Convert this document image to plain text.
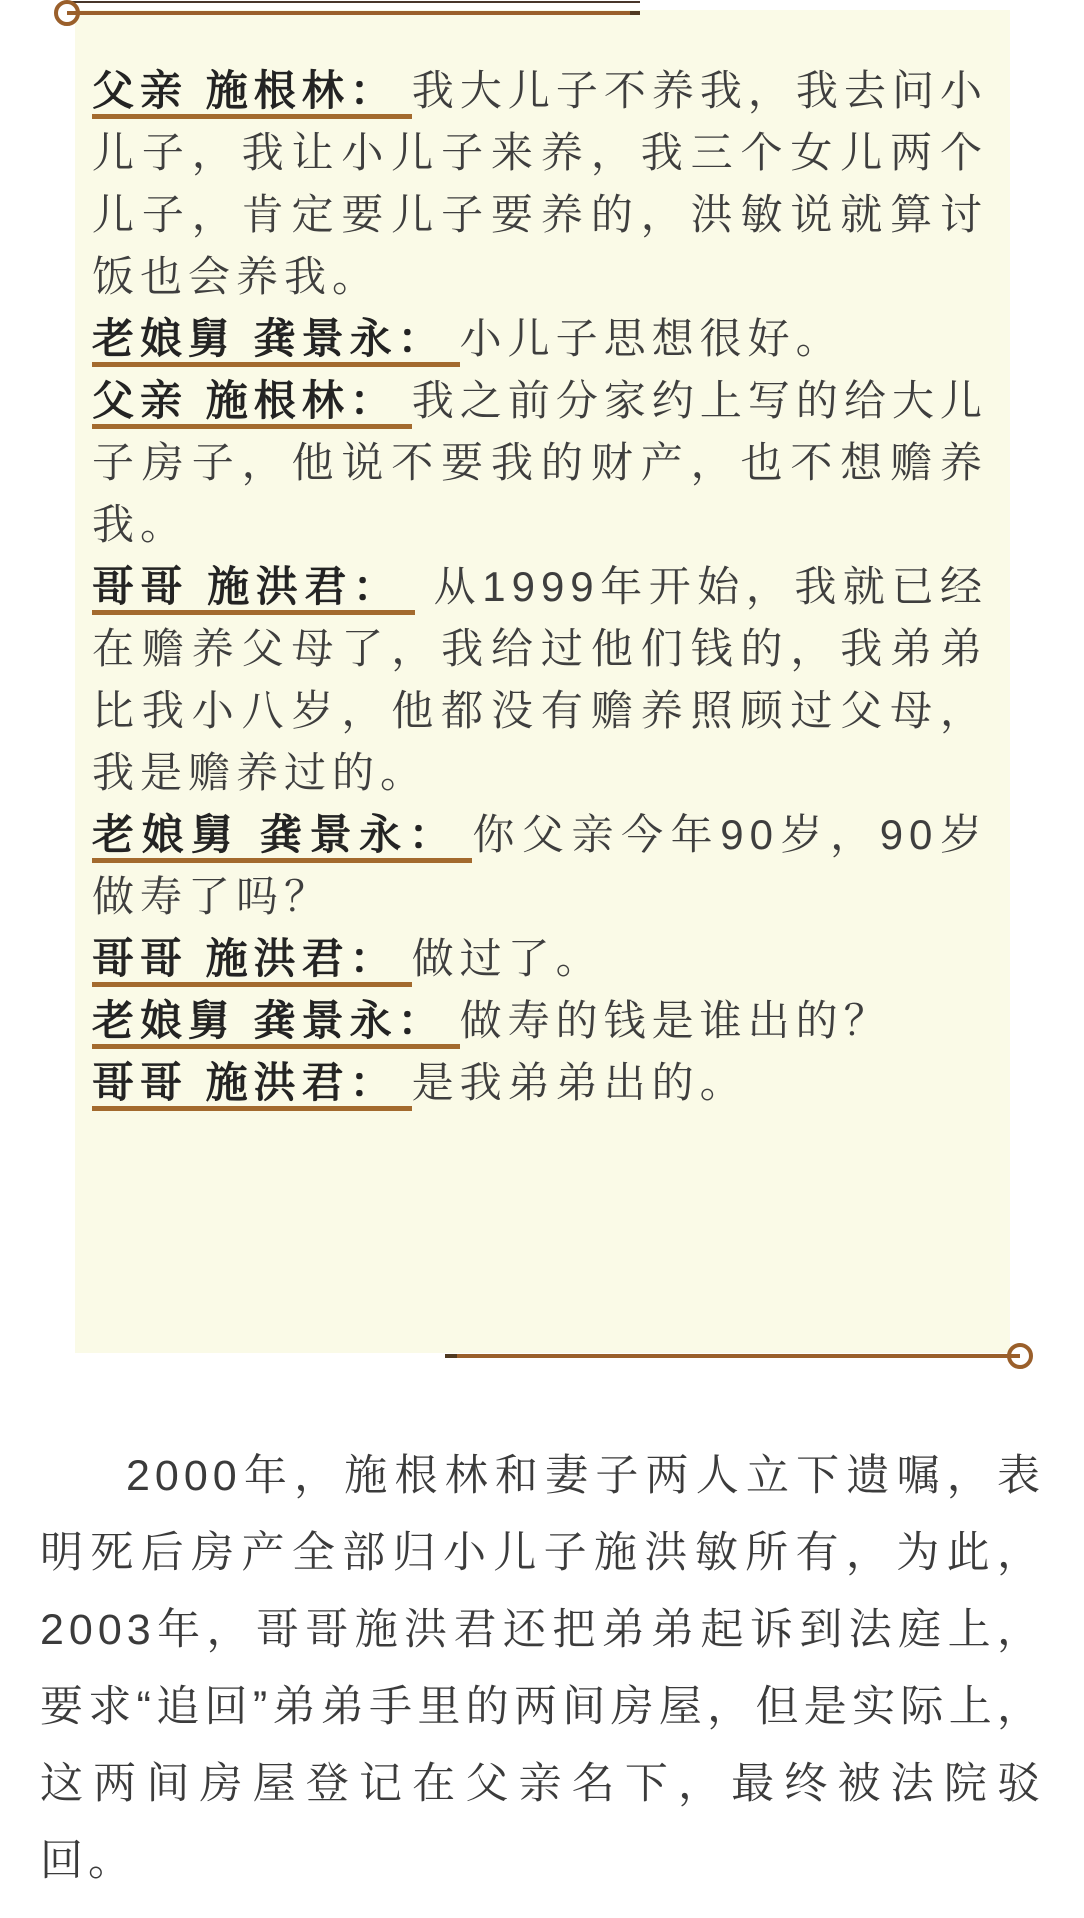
父亲 施根林： 我大儿子不养我，我去问小儿子，我让小儿子来养，我三个女儿两个儿子，肯定要儿子要养的，洪敏说就算讨饭也会养我。

老娘舅 龚景永： 小儿子思想很好。

父亲 施根林： 我之前分家约上写的给大儿子房子，他说不要我的财产，也不想赡养我。

哥哥 施洪君： 从1999年开始，我就已经在赡养父母了，我给过他们钱的，我弟弟比我小八岁，他都没有赡养照顾过父母，我是赡养过的。

老娘舅 龚景永： 你父亲今年90岁，90岁做寿了吗？

哥哥 施洪君： 做过了。

老娘舅 龚景永： 做寿的钱是谁出的？

哥哥 施洪君： 是我弟弟出的。

2000年，施根林和妻子两人立下遗嘱，表明死后房产全部归小儿子施洪敏所有，为此，2003年，哥哥施洪君还把弟弟起诉到法庭上，要求“追回”弟弟手里的两间房屋，但是实际上，这两间房屋登记在父亲名下，最终被法院驳回。
